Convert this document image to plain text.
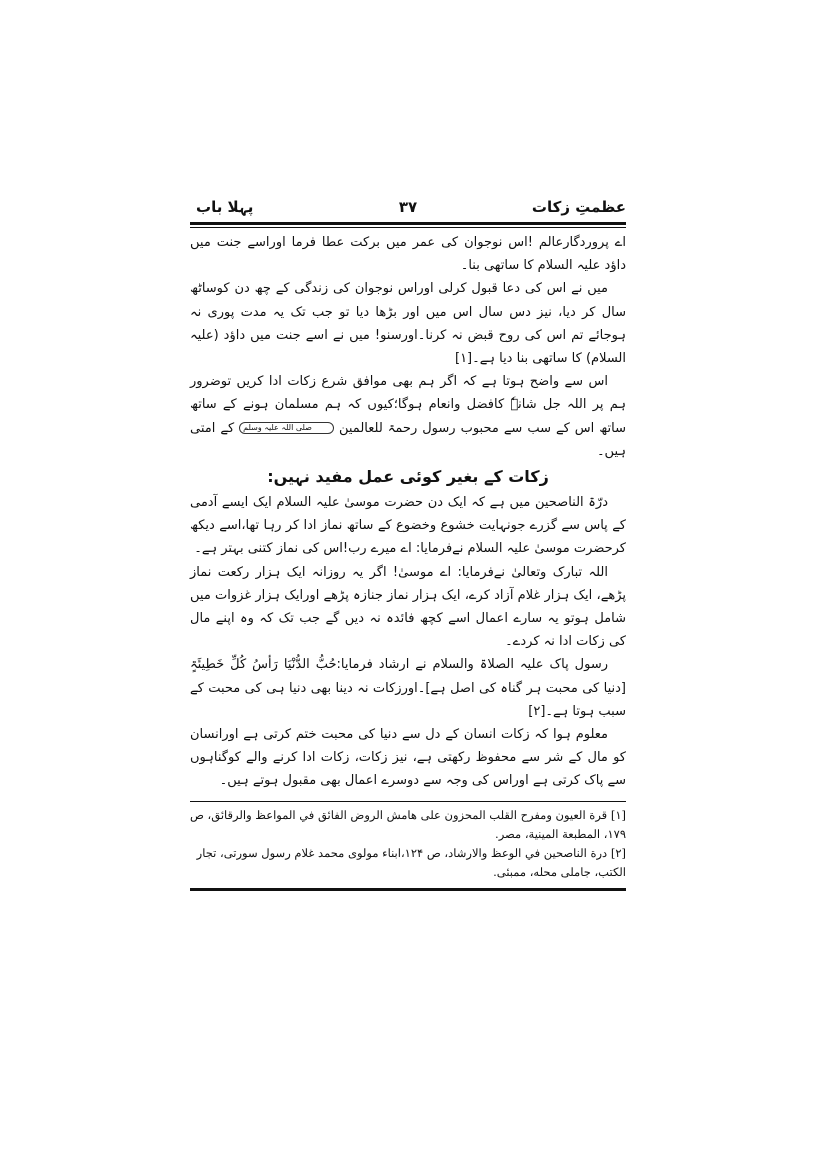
عظمتِ زکات
۳۷
پہلا باب

اے پروردگارعالم !اس نوجوان کی عمر میں برکت عطا فرما اوراسے جنت میں داؤد علیہ السلام کا ساتھی بنا۔

میں نے اس کی دعا قبول کرلی اوراس نوجوان کی زندگی کے چھ دن کوساٹھ سال کر دیا، نیز دس سال اس میں اور بڑھا دیا تو جب تک یہ مدت پوری نہ ہوجائے تم اس کی روح قبض نہ کرنا۔اورسنو! میں نے اسے جنت میں داؤد (علیہ السلام) کا ساتھی بنا دیا ہے۔[۱]

اس سے واضح ہوتا ہے کہ اگر ہم بھی موافق شرع زکات ادا کریں توضرور ہم پر اللہ جل شانہٗ کافضل وانعام ہوگا؛کیوں کہ ہم مسلمان ہونے کے ساتھ ساتھ اس کے سب سے محبوب رسول رحمۃ للعالمین صلی اللہ علیہ وسلم کے امتی ہیں۔

زکات کے بغیر کوئی عمل مفید نہیں:

درّۃ الناصحین میں ہے کہ ایک دن حضرت موسیٰ علیہ السلام ایک ایسے آدمی کے پاس سے گزرے جونہایت خشوع وخضوع کے ساتھ نماز ادا کر رہا تھا،اسے دیکھ کرحضرت موسیٰ علیہ السلام نےفرمایا: اے میرے رب!اس کی نماز کتنی بہتر ہے۔

اللہ تبارک وتعالیٰ نےفرمایا: اے موسیٰ! اگر یہ روزانہ ایک ہزار رکعت نماز پڑھے، ایک ہزار غلام آزاد کرے، ایک ہزار نماز جنازہ پڑھے اورایک ہزار غزوات میں شامل ہوتو یہ سارے اعمال اسے کچھ فائدہ نہ دیں گے جب تک کہ وہ اپنے مال کی زکات ادا نہ کردے۔

رسول پاک علیہ الصلاۃ والسلام نے ارشاد فرمایا:حُبُّ الدُّنْیَا رَأسُ کُلِّ خَطِیئَۃٍ [دنیا کی محبت ہر گناہ کی اصل ہے]۔اورزکات نہ دینا بھی دنیا ہی کی محبت کے سبب ہوتا ہے۔[۲]

معلوم ہوا کہ زکات انسان کے دل سے دنیا کی محبت ختم کرتی ہے اورانسان کو مال کے شر سے محفوظ رکھتی ہے، نیز زکات، زکات ادا کرنے والے کوگناہوں سے پاک کرتی ہے اوراس کی وجہ سے دوسرے اعمال بھی مقبول ہوتے ہیں۔

[۱] قرة العيون ومفرح القلب المحزون على هامش الروض الفائق في المواعظ والرقائق، ص ۱۷۹، المطبعة المينية، مصر.

[۲] درة الناصحين في الوعظ والارشاد، ص ۱۲۴،ابناء مولوى محمد غلام رسول سورتى، تجار الكتب، جاملى محله، ممبئى.
